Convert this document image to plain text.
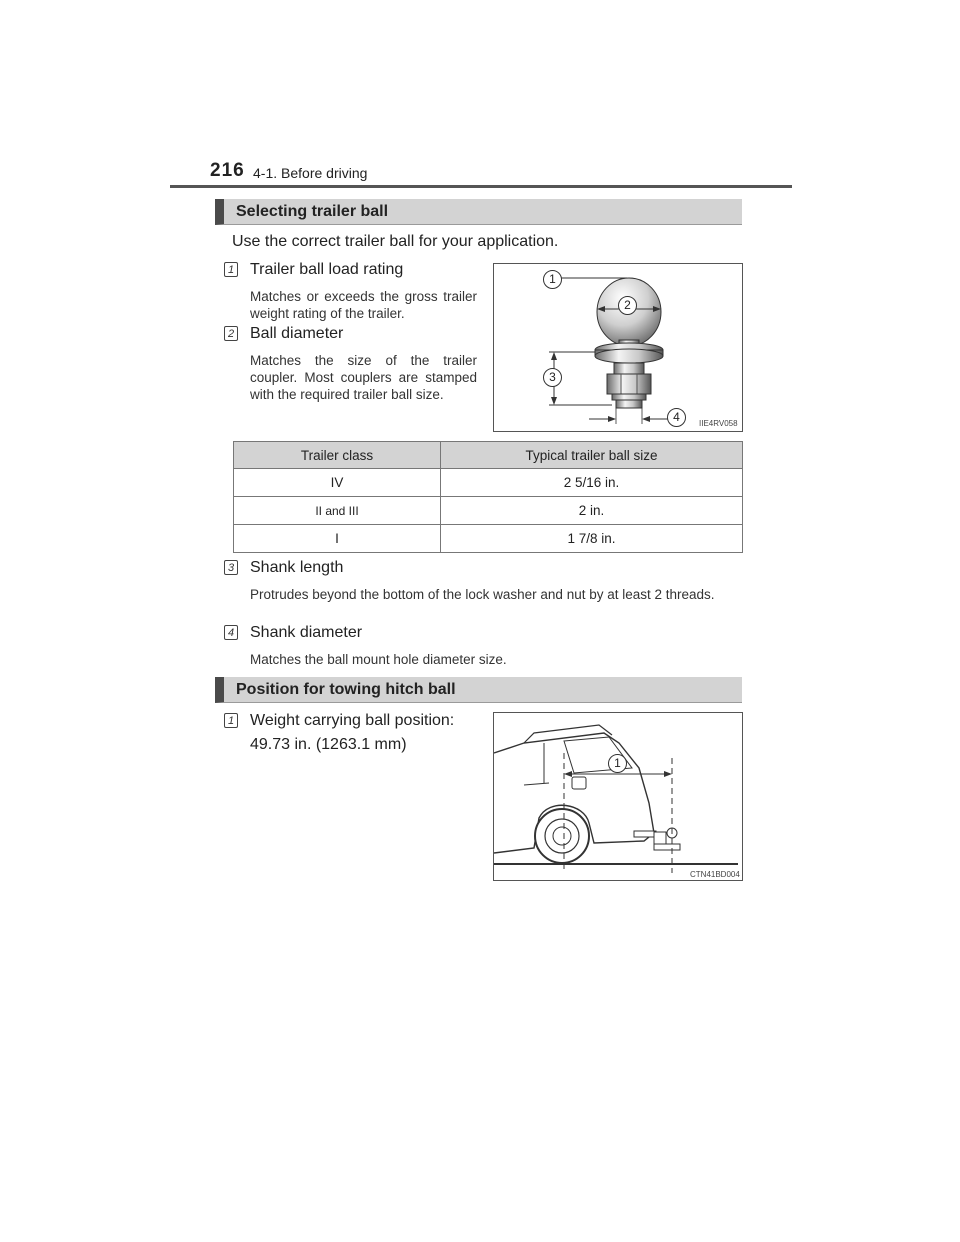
216 4-1. Before driving
Selecting trailer ball
Use the correct trailer ball for your application.
1 Trailer ball load rating
Matches or exceeds the gross trailer weight rating of the trailer.
2 Ball diameter
Matches the size of the trailer coupler. Most couplers are stamped with the required trailer ball size.
1
2
3
4	IIE4RV058
Trailer class	Typical trailer ball size
IV	2 5/16 in.
II and III	2 in.
I	1 7/8 in.
3 Shank length
Protrudes beyond the bottom of the lock washer and nut by at least 2 threads.
4 Shank diameter
Matches the ball mount hole diameter size.
Position for towing hitch ball
1 Weight carrying ball position:
49.73 in. (1263.1 mm)
1
CTN41BD004
